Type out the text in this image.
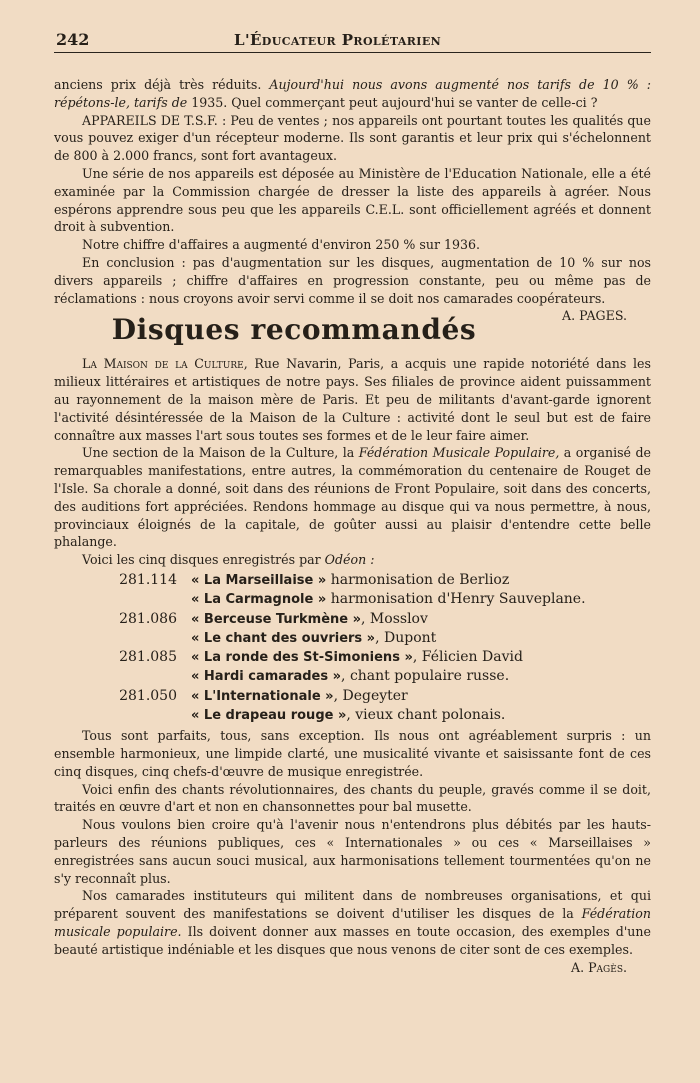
242	L'Éducateur Prolétarien

anciens prix déjà très réduits. Aujourd'hui nous avons augmenté nos tarifs de 10 % : répétons-le, tarifs de 1935. Quel commerçant peut aujourd'hui se vanter de celle-ci ?

APPAREILS DE T.S.F. : Peu de ventes ; nos appareils ont pourtant toutes les qualités que vous pouvez exiger d'un récepteur moderne. Ils sont garantis et leur prix qui s'échelonnent de 800 à 2.000 francs, sont fort avantageux.

Une série de nos appareils est déposée au Ministère de l'Education Nationale, elle a été examinée par la Commission chargée de dresser la liste des appareils à agréer. Nous espérons apprendre sous peu que les appareils C.E.L. sont officiellement agréés et donnent droit à subvention.

Notre chiffre d'affaires a augmenté d'environ 250 % sur 1936.

En conclusion : pas d'augmentation sur les disques, augmentation de 10 % sur nos divers appareils ; chiffre d'affaires en progression constante, peu ou même pas de réclamations : nous croyons avoir servi comme il se doit nos camarades coopérateurs.
A. PAGES.

Disques recommandés

La Maison de la Culture, Rue Navarin, Paris, a acquis une rapide notoriété dans les milieux littéraires et artistiques de notre pays. Ses filiales de province aident puissamment au rayonnement de la maison mère de Paris. Et peu de militants d'avant-garde ignorent l'activité désintéressée de la Maison de la Culture : activité dont le seul but est de faire connaître aux masses l'art sous toutes ses formes et de le leur faire aimer.

Une section de la Maison de la Culture, la Fédération Musicale Populaire, a organisé de remarquables manifestations, entre autres, la commémoration du centenaire de Rouget de l'Isle. Sa chorale a donné, soit dans des réunions de Front Populaire, soit dans des concerts, des auditions fort appréciées. Rendons hommage au disque qui va nous permettre, à nous, provinciaux éloignés de la capitale, de goûter aussi au plaisir d'entendre cette belle phalange.

Voici les cinq disques enregistrés par Odéon :

281.114	« La Marseillaise » harmonisation de Berlioz
« La Carmagnole » harmonisation d'Henry Sauveplane.
281.086	« Berceuse Turkmène », Mosslov
« Le chant des ouvriers », Dupont
281.085	« La ronde des St-Simoniens », Félicien David
« Hardi camarades », chant populaire russe.
281.050	« L'Internationale », Degeyter
« Le drapeau rouge », vieux chant polonais.

Tous sont parfaits, tous, sans exception. Ils nous ont agréablement surpris : un ensemble harmonieux, une limpide clarté, une musicalité vivante et saisissante font de ces cinq disques, cinq chefs-d'œuvre de musique enregistrée.

Voici enfin des chants révolutionnaires, des chants du peuple, gravés comme il se doit, traités en œuvre d'art et non en chansonnettes pour bal musette.

Nous voulons bien croire qu'à l'avenir nous n'entendrons plus débités par les hauts-parleurs des réunions publiques, ces « Internationales » ou ces « Marseillaises » enregistrées sans aucun souci musical, aux harmonisations tellement tourmentées qu'on ne s'y reconnaît plus.

Nos camarades instituteurs qui militent dans de nombreuses organisations, et qui préparent souvent des manifestations se doivent d'utiliser les disques de la Fédération musicale populaire. Ils doivent donner aux masses en toute occasion, des exemples d'une beauté artistique indéniable et les disques que nous venons de citer sont de ces exemples.
A. Pagès.
